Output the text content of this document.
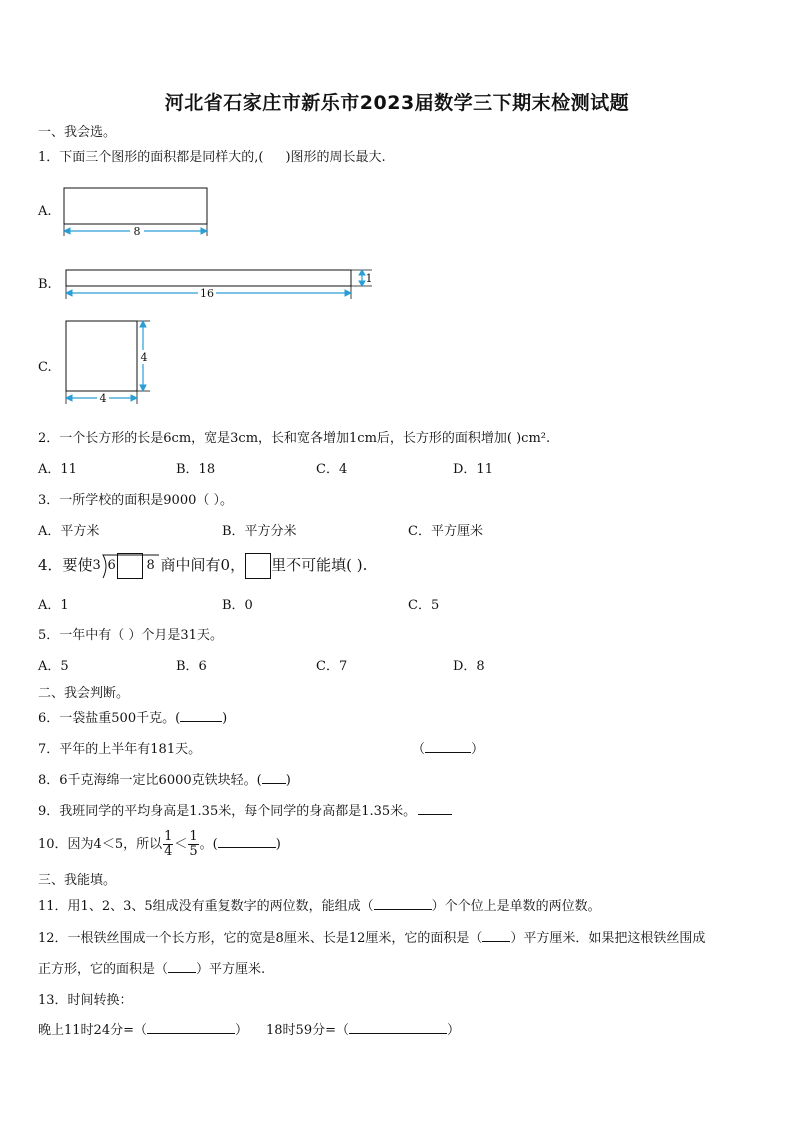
河北省石家庄市新乐市2023届数学三下期末检测试题
一、我会选。
1．下面三个图形的面积都是同样大的,( )图形的周长最大.
A.
B.
C.
8
16
1
4
4
2．一个长方形的长是6cm，宽是3cm，长和宽各增加1cm后，长方形的面积增加( )cm².
A．11	B．18	C．4	D．11
3．一所学校的面积是9000（ ）。
A．平方米	B．平方分米	C．平方厘米
4．要使 3 6 8 商中间有0， 里不可能填( ).
A．1	B．0	C．5
5．一年中有（ ）个月是31天。
A．5	B．6	C．7	D．8
二、我会判断。
6．一袋盐重500千克。(	)
7．平年的上半年有181天。	（	）
8．6千克海绵一定比6000克铁块轻。( )
9．我班同学的平均身高是1.35米，每个同学的身高都是1.35米。
10．因为4＜5，所以 $\frac{1}{4} < \frac{1}{5}$ 。(	)
三、我能填。
11．用1、2、3、5组成没有重复数字的两位数，能组成（	）个个位上是单数的两位数。
12．一根铁丝围成一个长方形，它的宽是8厘米、长是12厘米，它的面积是（ ）平方厘米．如果把这根铁丝围成
正方形，它的面积是（ ）平方厘米.
13．时间转换：
晚上11时24分=（	） 18时59分=（	）
